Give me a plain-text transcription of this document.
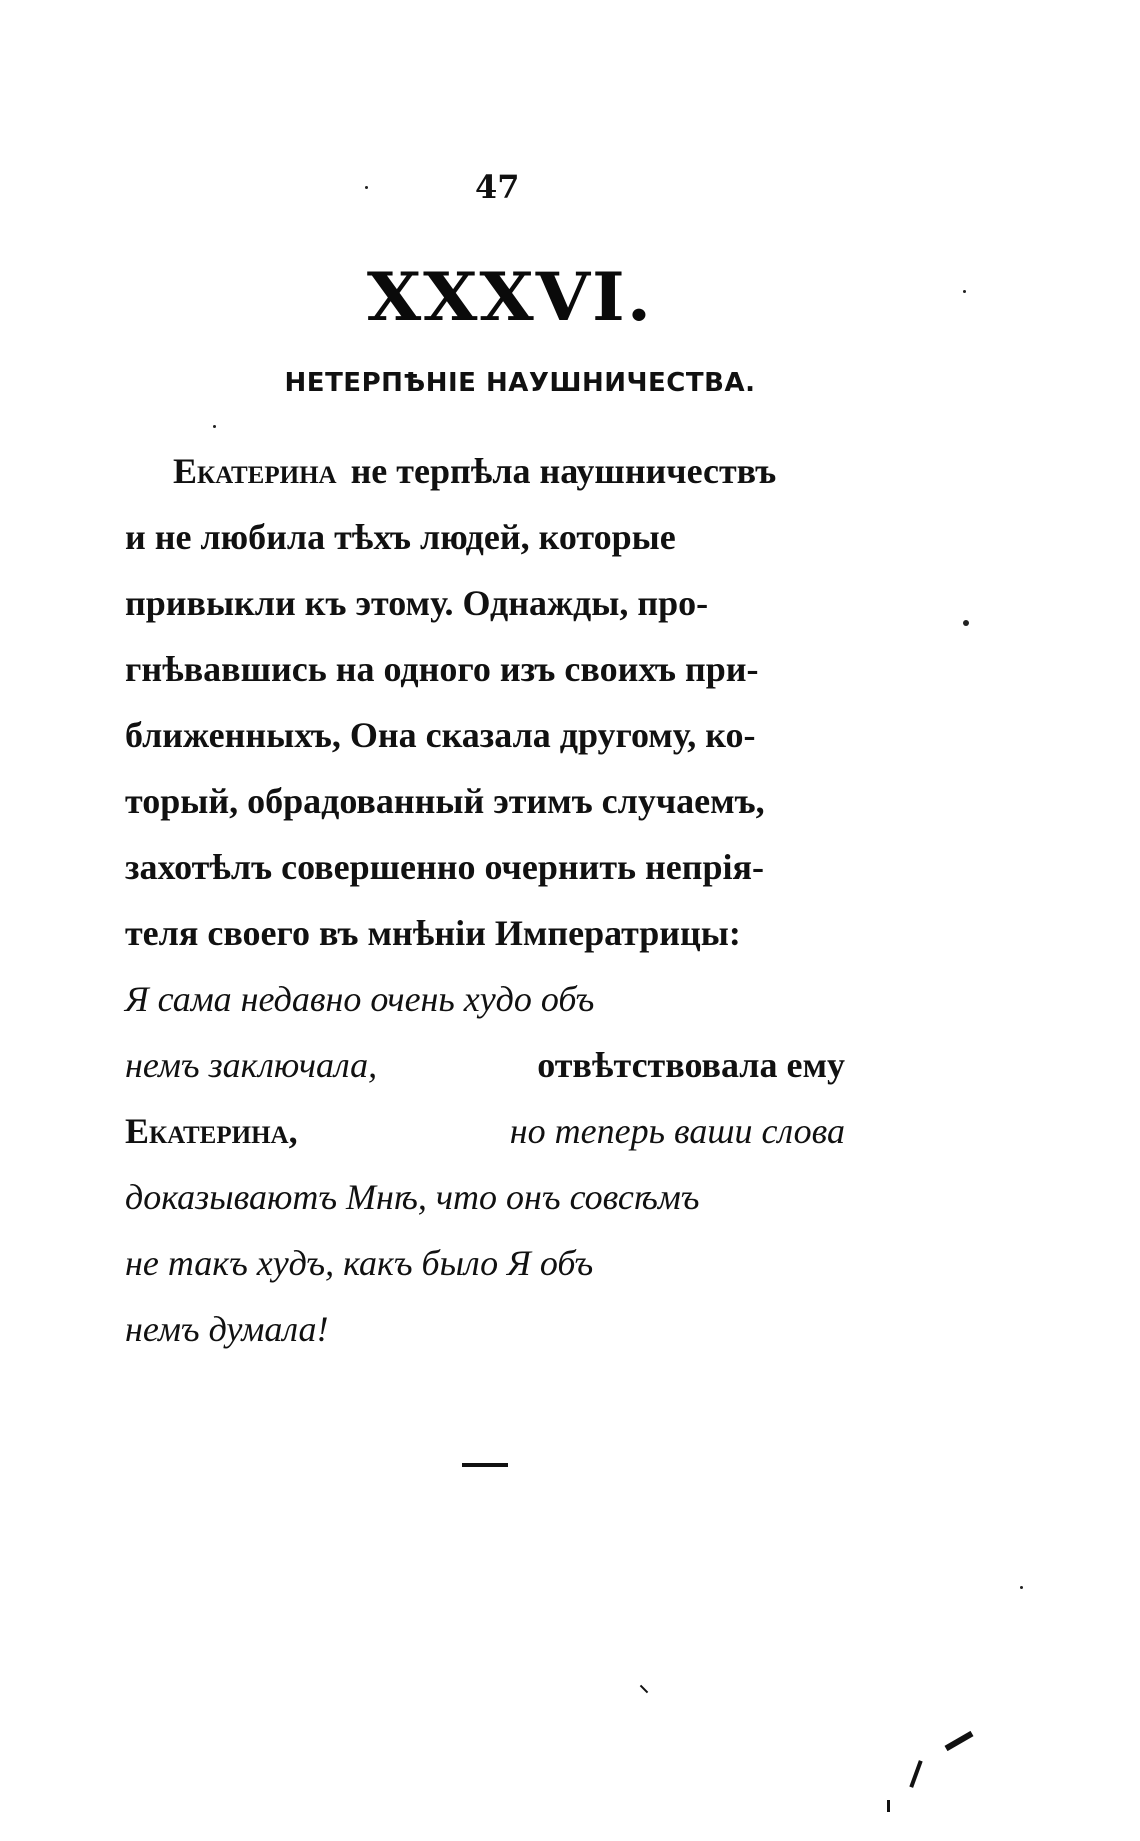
47
XXXVI.
НЕТЕРПѢНІЕ НАУШНИЧЕСТВА.
Екатерина не терпѣла наушничествъ
и не любила тѣхъ людей, которые
привыкли къ этому. Однажды, про-
гнѣвавшись на одного изъ своихъ при-
ближенныхъ, Она сказала другому, ко-
торый, обрадованный этимъ случаемъ,
захотѣлъ совершенно очернить непрія-
теля своего въ мнѣніи Императрицы:
Я сама недавно очень худо объ
немъ заключала,	отвѣтствовала ему
Екатерина,	но теперь ваши слова
доказываютъ Мнѣ, что онъ совсѣмъ
не такъ худъ, какъ было Я объ
немъ думала!
